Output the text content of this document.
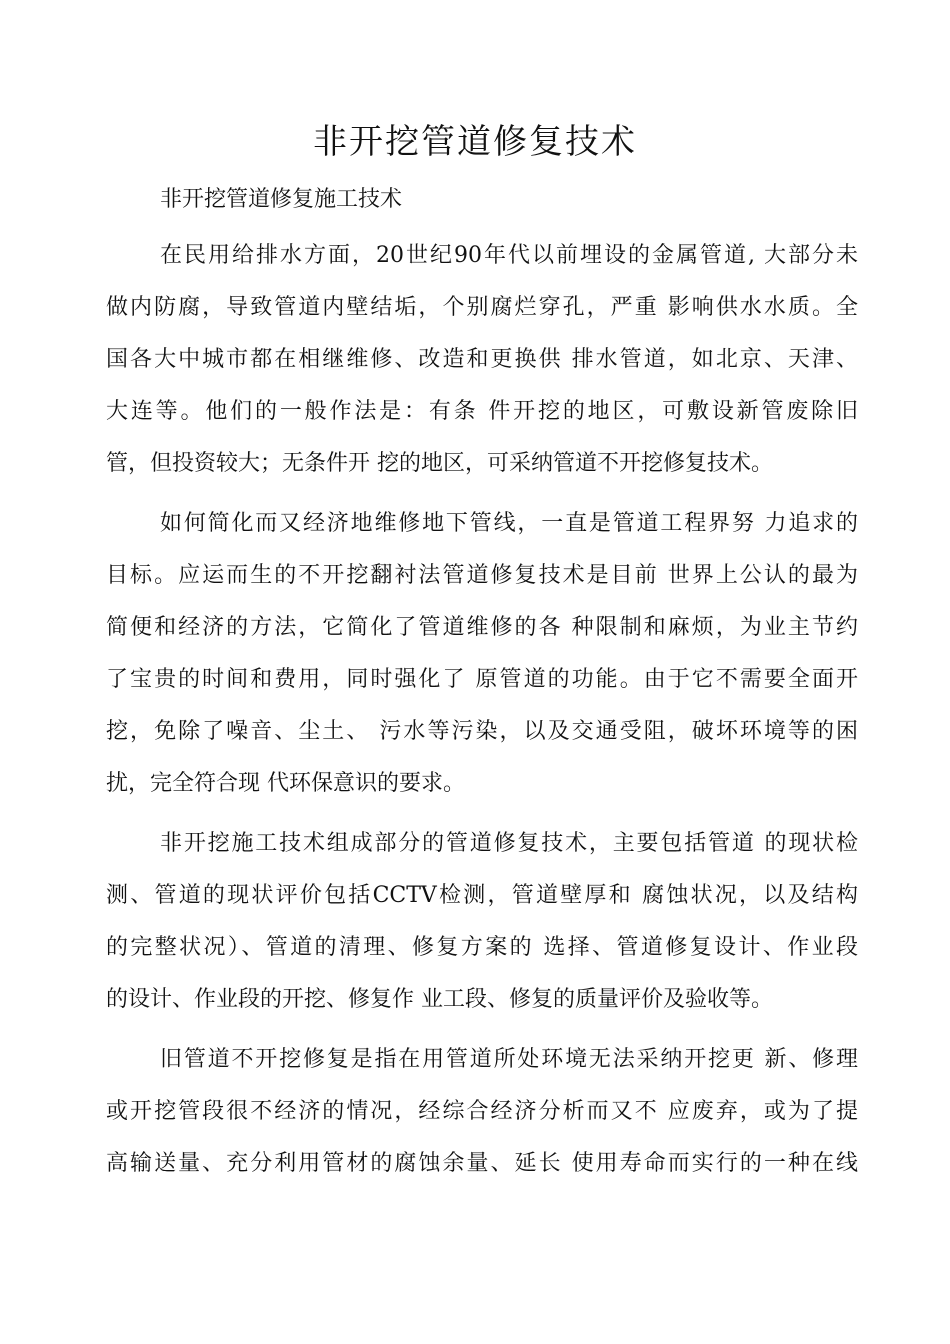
非开挖管道修复技术

非开挖管道修复施工技术

在民用给排水方面，20世纪90年代以前埋设的金属管道, 大部分未

做内防腐，导致管道内壁结垢，个别腐烂穿孔，严重 影响供水水质。全

国各大中城市都在相继维修、改造和更换供 排水管道，如北京、天津、

大连等。他们的一般作法是：有条 件开挖的地区，可敷设新管废除旧

管，但投资较大；无条件开 挖的地区，可采纳管道不开挖修复技术。

如何简化而又经济地维修地下管线，一直是管道工程界努 力追求的

目标。应运而生的不开挖翻衬法管道修复技术是目前 世界上公认的最为

简便和经济的方法，它简化了管道维修的各 种限制和麻烦，为业主节约

了宝贵的时间和费用，同时强化了 原管道的功能。由于它不需要全面开

挖，免除了噪音、尘土、 污水等污染，以及交通受阻，破坏环境等的困

扰，完全符合现 代环保意识的要求。

非开挖施工技术组成部分的管道修复技术，主要包括管道 的现状检

测、管道的现状评价包括CCTV检测，管道壁厚和 腐蚀状况，以及结构

的完整状况）、管道的清理、修复方案的 选择、管道修复设计、作业段

的设计、作业段的开挖、修复作 业工段、修复的质量评价及验收等。

旧管道不开挖修复是指在用管道所处环境无法采纳开挖更 新、修理

或开挖管段很不经济的情况，经综合经济分析而又不 应废弃，或为了提

高输送量、充分利用管材的腐蚀余量、延长 使用寿命而实行的一种在线
